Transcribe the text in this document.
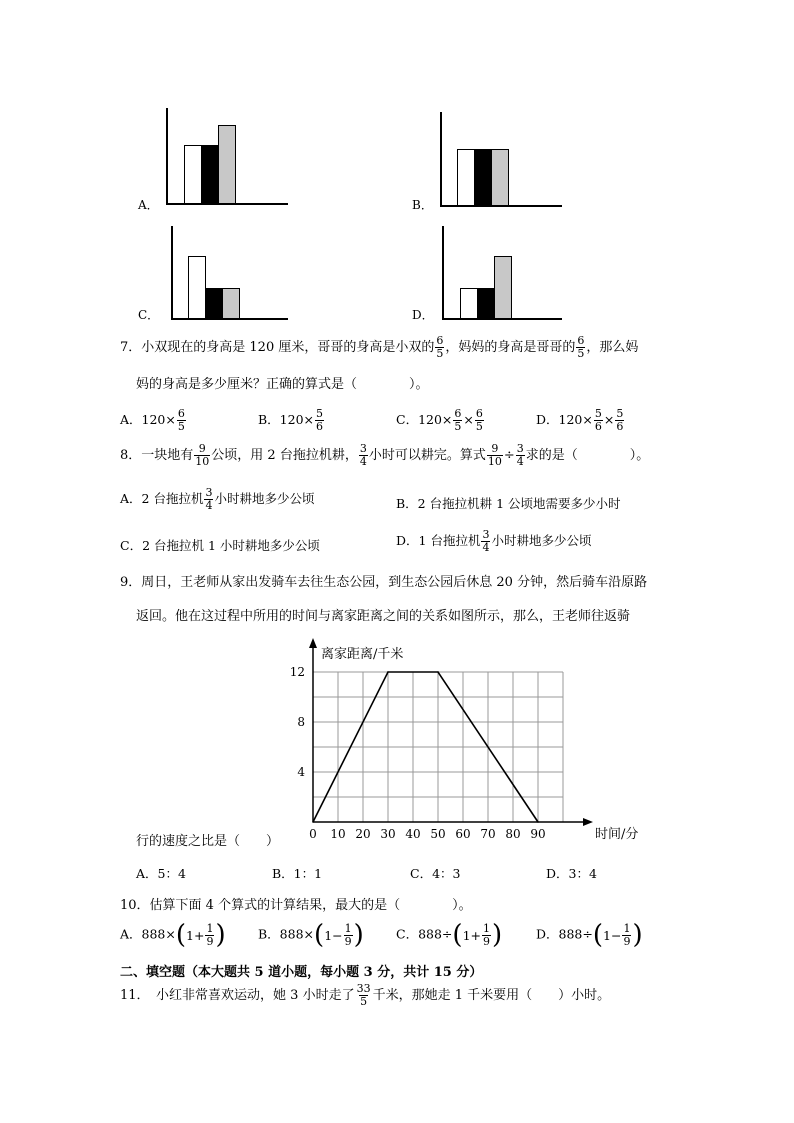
A．	B．
C．	D．
7．小双现在的身高是 120 厘米，哥哥的身高是小双的 $\frac{6}{5}$ ，妈妈的身高是哥哥的 $\frac{6}{5}$ ，那么妈
妈的身高是多少厘米？正确的算式是（　　　　）。
A．$120\times \frac{6}{5}$	B．$120\times \frac{5}{6}$	C．$120\times \frac{6}{5} \times \frac{6}{5}$	D．$120\times \frac{5}{6} \times \frac{5}{6}$
8．一块地有 $\frac{9}{10}$ 公顷，用 2 台拖拉机耕， $\frac{3}{4}$ 小时可以耕完。算式 $\frac{9}{10} \div \frac{3}{4}$ 求的是（　　　　）。
A．2 台拖拉机 $\frac{3}{4}$ 小时耕地多少公顷	B．2 台拖拉机耕 1 公顷地需要多少小时
C．2 台拖拉机 1 小时耕地多少公顷	D．1 台拖拉机 $\frac{3}{4}$ 小时耕地多少公顷
9．周日，王老师从家出发骑车去往生态公园，到生态公园后休息 20 分钟，然后骑车沿原路
返回。他在这过程中所用的时间与离家距离之间的关系如图所示，那么，王老师往返骑
0 10 20 30 40 50 60 70 80 90
4
8
12
离家距离/千米
时间/分
行的速度之比是（　　）
A．5：4	B．1：1	C．4：3	D．3：4
10．估算下面 4 个算式的计算结果，最大的是（　　　　）。
A．888× ( $1 + \frac{1}{9}$ )	B．888× ( $1 - \frac{1}{9}$ )	C．888÷ ( $1 + \frac{1}{9}$ )	D．888÷ ( $1 - \frac{1}{9}$ )
二、填空题（本大题共 5 道小题，每小题 3 分，共计 15 分）
11．　小红非常喜欢运动，她 3 小时走了 $\frac{33}{5}$ 千米，那她走 1 千米要用（　　）小时。
